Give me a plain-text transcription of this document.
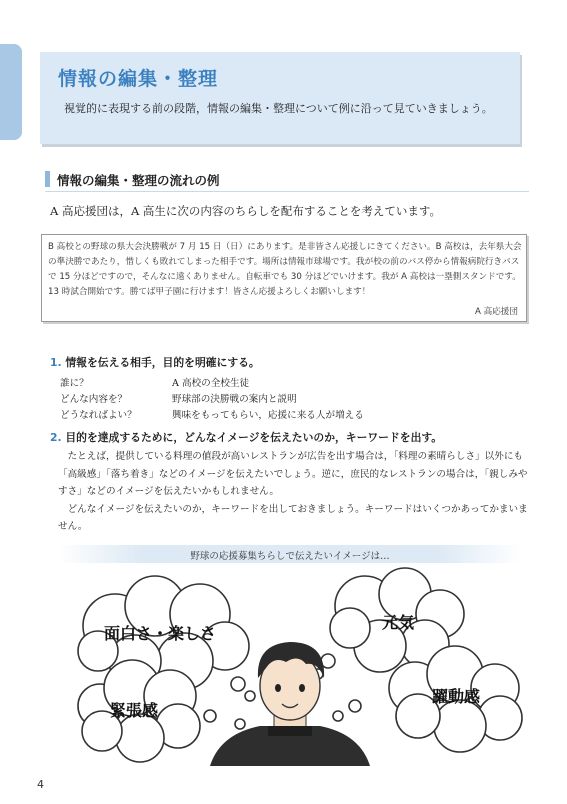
情報の編集・整理
視覚的に表現する前の段階，情報の編集・整理について例に沿って見ていきましょう。
情報の編集・整理の流れの例
A 高応援団は，A 高生に次の内容のちらしを配布することを考えています。
B 高校との野球の県大会決勝戦が 7 月 15 日（日）にあります。是非皆さん応援しにきてください。B 高校は，去年県大会の準決勝であたり，惜しくも敗れてしまった相手です。場所は情報市球場です。我が校の前のバス停から情報病院行きバスで 15 分ほどですので，そんなに遠くありません。自転車でも 30 分ほどでいけます。我が A 高校は一塁側スタンドです。13 時試合開始です。勝てば甲子園に行けます！皆さん応援よろしくお願いします！
A 高応援団
1. 情報を伝える相手，目的を明確にする。
誰に？	A 高校の全校生徒
どんな内容を？	野球部の決勝戦の案内と説明
どうなればよい？	興味をもってもらい，応援に来る人が増える
2. 目的を達成するために，どんなイメージを伝えたいのか，キーワードを出す。

たとえば，提供している料理の値段が高いレストランが広告を出す場合は，「料理の素晴らしさ」以外にも「高級感」「落ち着き」などのイメージを伝えたいでしょう。逆に，庶民的なレストランの場合は，「親しみやすさ」などのイメージを伝えたいかもしれません。

どんなイメージを伝えたいのか，キーワードを出しておきましょう。キーワードはいくつかあってかまいません。

野球の応援募集ちらしで伝えたいイメージは…
面白さ・楽しさ
元気
緊張感
躍動感
4
